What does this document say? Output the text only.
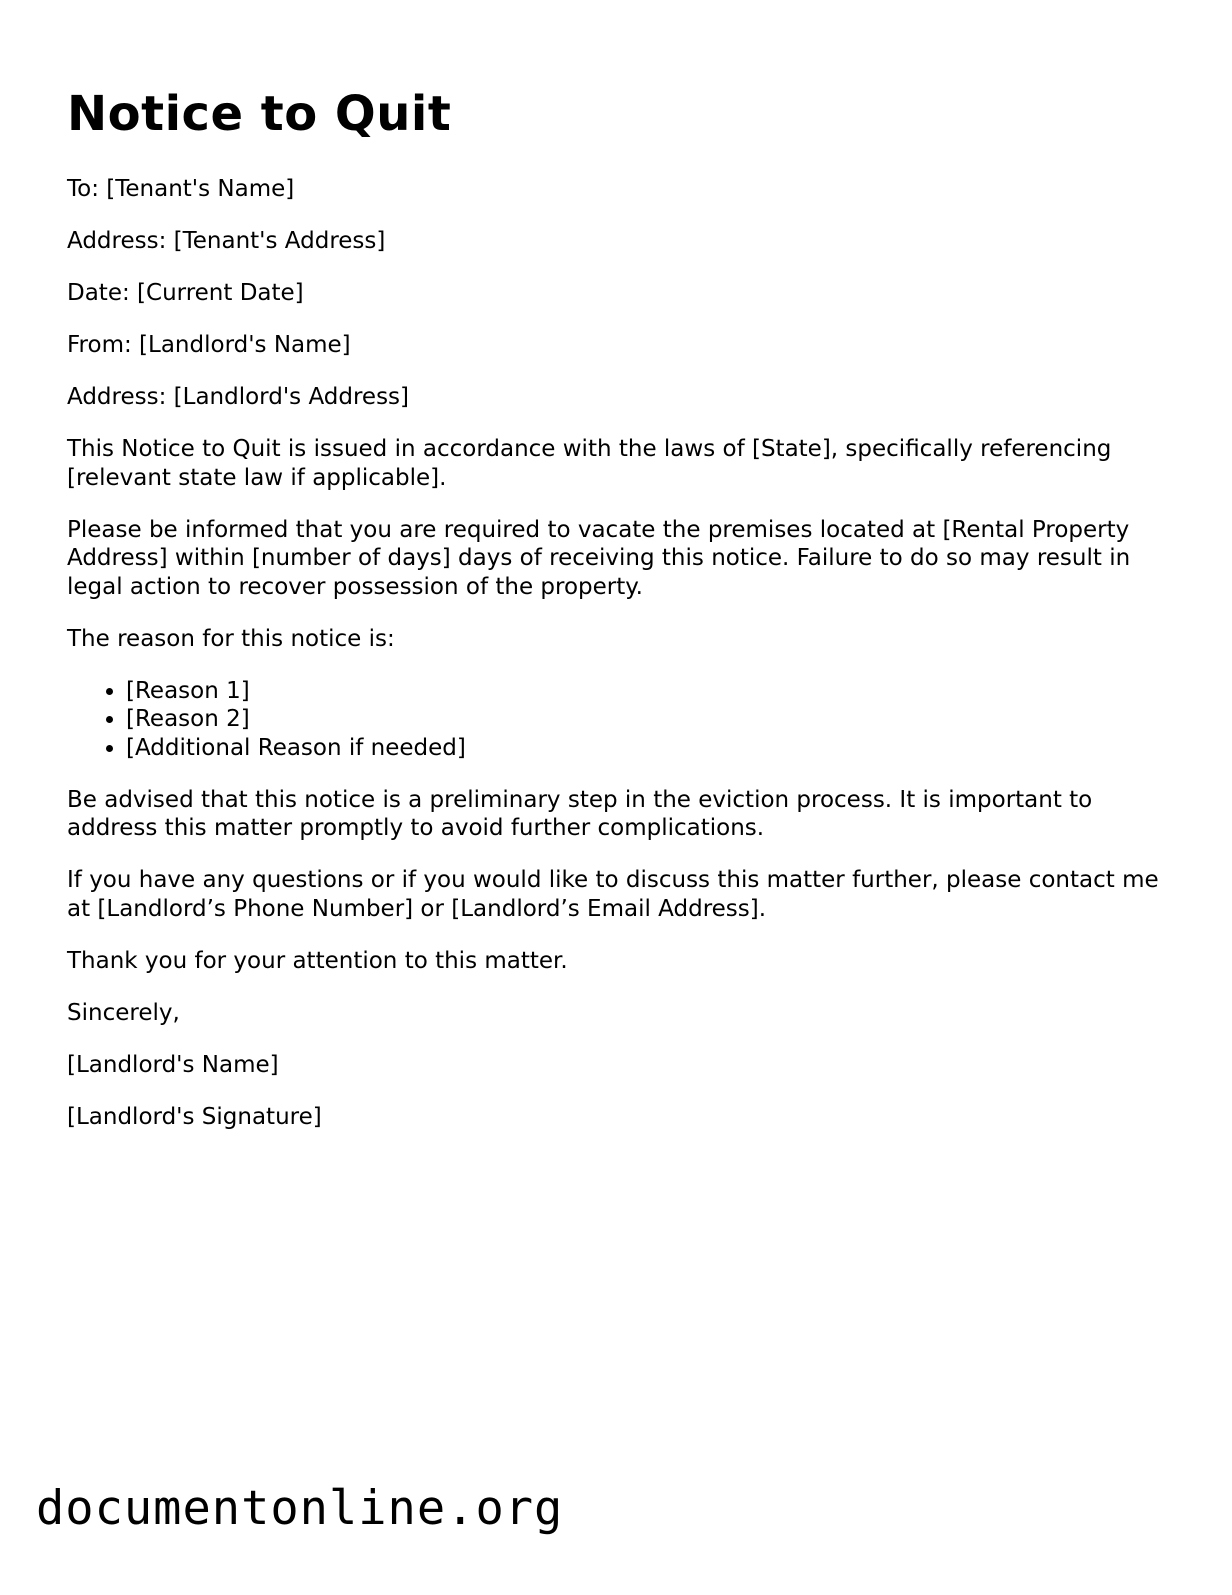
Notice to Quit

To: [Tenant's Name]

Address: [Tenant's Address]

Date: [Current Date]

From: [Landlord's Name]

Address: [Landlord's Address]

This Notice to Quit is issued in accordance with the laws of [State], specifically referencing [relevant state law if applicable].

Please be informed that you are required to vacate the premises located at [Rental Property Address] within [number of days] days of receiving this notice. Failure to do so may result in legal action to recover possession of the property.

The reason for this notice is:

• [Reason 1]
• [Reason 2]
• [Additional Reason if needed]

Be advised that this notice is a preliminary step in the eviction process. It is important to address this matter promptly to avoid further complications.

If you have any questions or if you would like to discuss this matter further, please contact me at [Landlord’s Phone Number] or [Landlord’s Email Address].

Thank you for your attention to this matter.

Sincerely,

[Landlord's Name]

[Landlord's Signature]

documentonline.org
